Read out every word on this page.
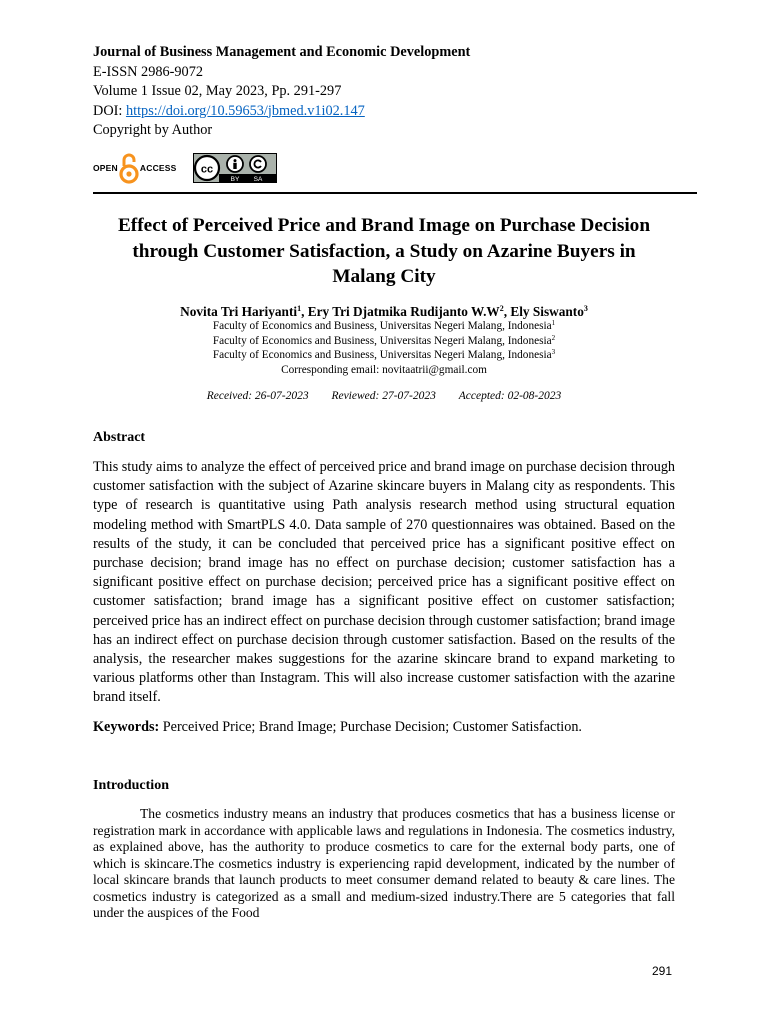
Journal of Business Management and Economic Development
E-ISSN 2986-9072
Volume 1 Issue 02, May 2023, Pp. 291-297
DOI: https://doi.org/10.59653/jbmed.v1i02.147
Copyright by Author
OPEN	ACCESS cc
BY SA
Effect of Perceived Price and Brand Image on Purchase Decision
through Customer Satisfaction, a Study on Azarine Buyers in
Malang City
Novita Tri Hariyanti$^1$, Ery Tri Djatmika Rudijanto $W.W^2$, Ely Siswanto$^3$
Faculty of Economics and Business, Universitas Negeri Malang, Indonesia$^1$
Faculty of Economics and Business, Universitas Negeri Malang, Indonesia$^2$
Faculty of Economics and Business, Universitas Negeri Malang, Indonesia$^3$
Corresponding email: novitaatrii@gmail.com
Received: 26-07-2023 Reviewed: 27-07-2023 Accepted: 02-08-2023
Abstract
This study aims to analyze the effect of perceived price and brand image on purchase decision through customer satisfaction with the subject of Azarine skincare buyers in Malang city as respondents. This type of research is quantitative using Path analysis research method using structural equation modeling method with SmartPLS 4.0. Data sample of 270 questionnaires was obtained. Based on the results of the study, it can be concluded that perceived price has a significant positive effect on purchase decision; brand image has no effect on purchase decision; customer satisfaction has a significant positive effect on purchase decision; perceived price has a significant positive effect on customer satisfaction; brand image has a significant positive effect on customer satisfaction; perceived price has an indirect effect on purchase decision through customer satisfaction; brand image has an indirect effect on purchase decision through customer satisfaction. Based on the results of the analysis, the researcher makes suggestions for the azarine skincare brand to expand marketing to various platforms other than Instagram. This will also increase customer satisfaction with the azarine brand itself.
Keywords: Perceived Price; Brand Image; Purchase Decision; Customer Satisfaction.
Introduction
The cosmetics industry means an industry that produces cosmetics that has a business license or registration mark in accordance with applicable laws and regulations in Indonesia. The cosmetics industry, as explained above, has the authority to produce cosmetics to care for the external body parts, one of which is skincare.The cosmetics industry is experiencing rapid development, indicated by the number of local skincare brands that launch products to meet consumer demand related to beauty & care lines. The cosmetics industry is categorized as a small and medium-sized industry.There are 5 categories that fall under the auspices of the Food
291
